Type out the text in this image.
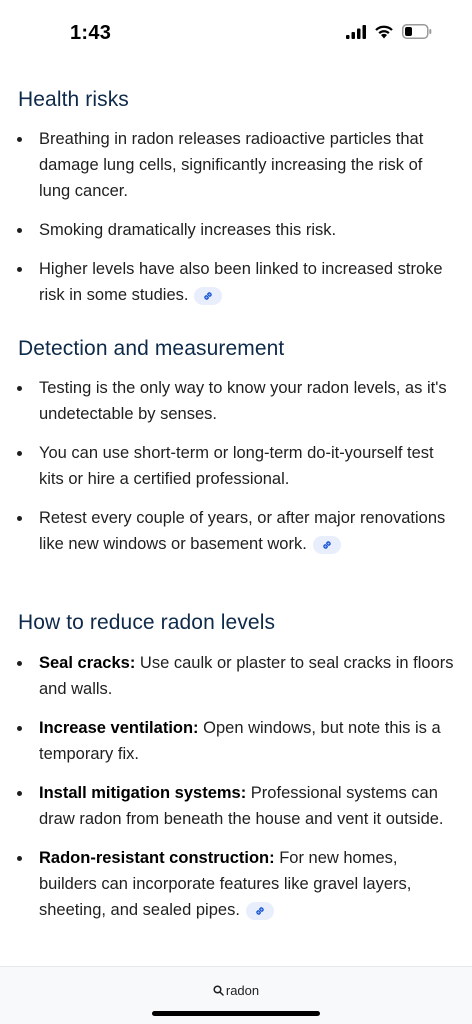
1:43
Health risks
Breathing in radon releases radioactive particles that damage lung cells, significantly increasing the risk of lung cancer.
Smoking dramatically increases this risk.
Higher levels have also been linked to increased stroke risk in some studies.
Detection and measurement
Testing is the only way to know your radon levels, as it's undetectable by senses.
You can use short-term or long-term do-it-yourself test kits or hire a certified professional.
Retest every couple of years, or after major renovations like new windows or basement work.
How to reduce radon levels
Seal cracks: Use caulk or plaster to seal cracks in floors and walls.
Increase ventilation: Open windows, but note this is a temporary fix.
Install mitigation systems: Professional systems can draw radon from beneath the house and vent it outside.
Radon-resistant construction: For new homes, builders can incorporate features like gravel layers, sheeting, and sealed pipes.
radon
